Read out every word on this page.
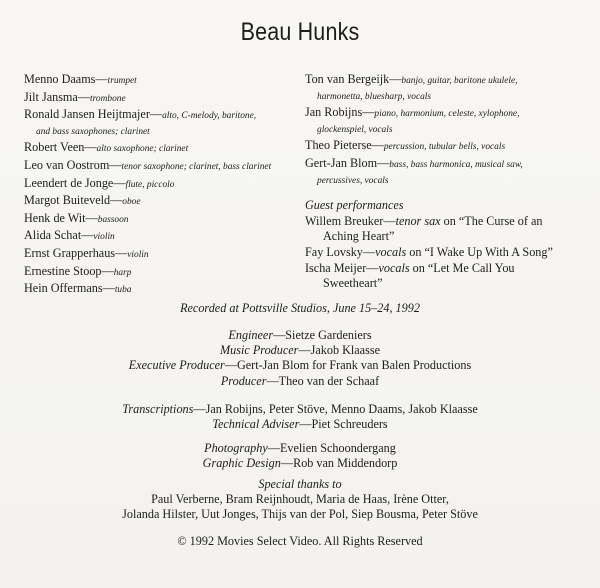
Beau Hunks
Menno Daams—trumpet
Jilt Jansma—trombone
Ronald Jansen Heijtmajer—alto, C-melody, baritone,
and bass saxophones; clarinet
Robert Veen—alto saxophone; clarinet
Leo van Oostrom—tenor saxophone; clarinet, bass clarinet
Leendert de Jonge—flute, piccolo
Margot Buiteveld—oboe
Henk de Wit—bassoon
Alida Schat—violin
Ernst Grapperhaus—violin
Ernestine Stoop—harp
Hein Offermans—tuba
Ton van Bergeijk—banjo, guitar, baritone ukulele,
harmonetta, bluesharp, vocals
Jan Robijns—piano, harmonium, celeste, xylophone,
glockenspiel, vocals
Theo Pieterse—percussion, tubular bells, vocals
Gert-Jan Blom—bass, bass harmonica, musical saw,
percussives, vocals
Guest performances
Willem Breuker—tenor sax on “The Curse of an
Aching Heart”
Fay Lovsky—vocals on “I Wake Up With A Song”
Ischa Meijer—vocals on “Let Me Call You
Sweetheart”
Recorded at Pottsville Studios, June 15–24, 1992
Engineer—Sietze Gardeniers
Music Producer—Jakob Klaasse
Executive Producer—Gert-Jan Blom for Frank van Balen Productions
Producer—Theo van der Schaaf
Transcriptions—Jan Robijns, Peter Stöve, Menno Daams, Jakob Klaasse
Technical Adviser—Piet Schreuders
Photography—Evelien Schoondergang
Graphic Design—Rob van Middendorp
Special thanks to
Paul Verberne, Bram Reijnhoudt, Maria de Haas, Irène Otter,
Jolanda Hilster, Uut Jonges, Thijs van der Pol, Siep Bousma, Peter Stöve
© 1992 Movies Select Video. All Rights Reserved
